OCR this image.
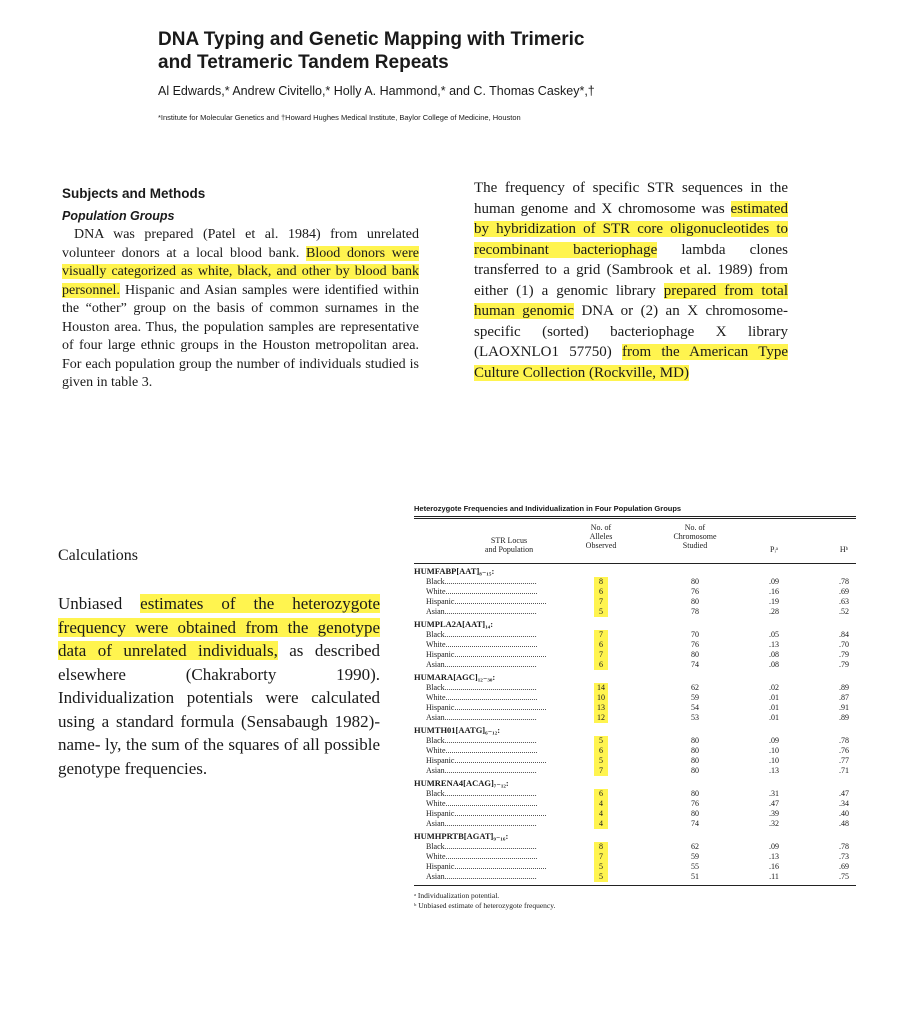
DNA Typing and Genetic Mapping with Trimeric
and Tetrameric Tandem Repeats
Al Edwards,* Andrew Civitello,* Holly A. Hammond,* and C. Thomas Caskey*,†
*Institute for Molecular Genetics and †Howard Hughes Medical Institute, Baylor College of Medicine, Houston
Subjects and Methods
Population Groups

DNA was prepared (Patel et al. 1984) from unrelated volunteer donors at a local blood bank. Blood donors were visually categorized as white, black, and other by blood bank personnel. Hispanic and Asian samples were identified within the “other” group on the basis of common surnames in the Houston area. Thus, the population samples are representative of four large ethnic groups in the Houston metropolitan area. For each population group the number of individuals studied is given in table 3.

The frequency of specific STR sequences in the human genome and X chromosome was estimated by hybridization of STR core oligonucleotides to recombinant bacteriophage lambda clones transferred to a grid (Sambrook et al. 1989) from either (1) a genomic library prepared from total human genomic DNA or (2) an X chromosome-specific (sorted) bacteriophage X library (LAOXNLO1 57750) from the American Type Culture Collection (Rockville, MD)
Calculations
Unbiased estimates of the heterozygote frequency were obtained from the genotype data of unrelated individuals, as described elsewhere (Chakraborty 1990). Individualization potentials were calculated using a standard formula (Sensabaugh 1982)-name- ly, the sum of the squares of all possible genotype frequencies.
Heterozygote Frequencies and Individualization in Four Population Groups
STR Locus
and Population
No. of
Alleles
Observed
No. of
Chromosome
Studied	Pᵢᵃ	Hᵇ
HUMFABP[AAT]₈₋₁₅:
Black..............................................	8	80	.09	.78
White..............................................	6	76	.16	.69
Hispanic..............................................	7	80	.19	.63
Asian..............................................	5	78	.28	.52
HUMPLA2A[AAT]₁₄:
Black..............................................	7	70	.05	.84
White..............................................	6	76	.13	.70
Hispanic..............................................	7	80	.08	.79
Asian..............................................	6	74	.08	.79
HUMARA[AGC]₁₂₋₃₀:
Black..............................................	14	62	.02	.89
White..............................................	10	59	.01	.87
Hispanic..............................................	13	54	.01	.91
Asian..............................................	12	53	.01	.89
HUMTH01[AATG]₆₋₁₂:
Black..............................................	5	80	.09	.78
White..............................................	6	80	.10	.76
Hispanic..............................................	5	80	.10	.77
Asian..............................................	7	80	.13	.71
HUMRENA4[ACAG]₇₋₁₂:
Black..............................................	6	80	.31	.47
White..............................................	4	76	.47	.34
Hispanic..............................................	4	80	.39	.40
Asian..............................................	4	74	.32	.48
HUMHPRTB[AGAT]₉₋₁₆:
Black..............................................	8	62	.09	.78
White..............................................	7	59	.13	.73
Hispanic..............................................	5	55	.16	.69
Asian..............................................	5	51	.11	.75
ᵃ Individualization potential.
ᵇ Unbiased estimate of heterozygote frequency.
